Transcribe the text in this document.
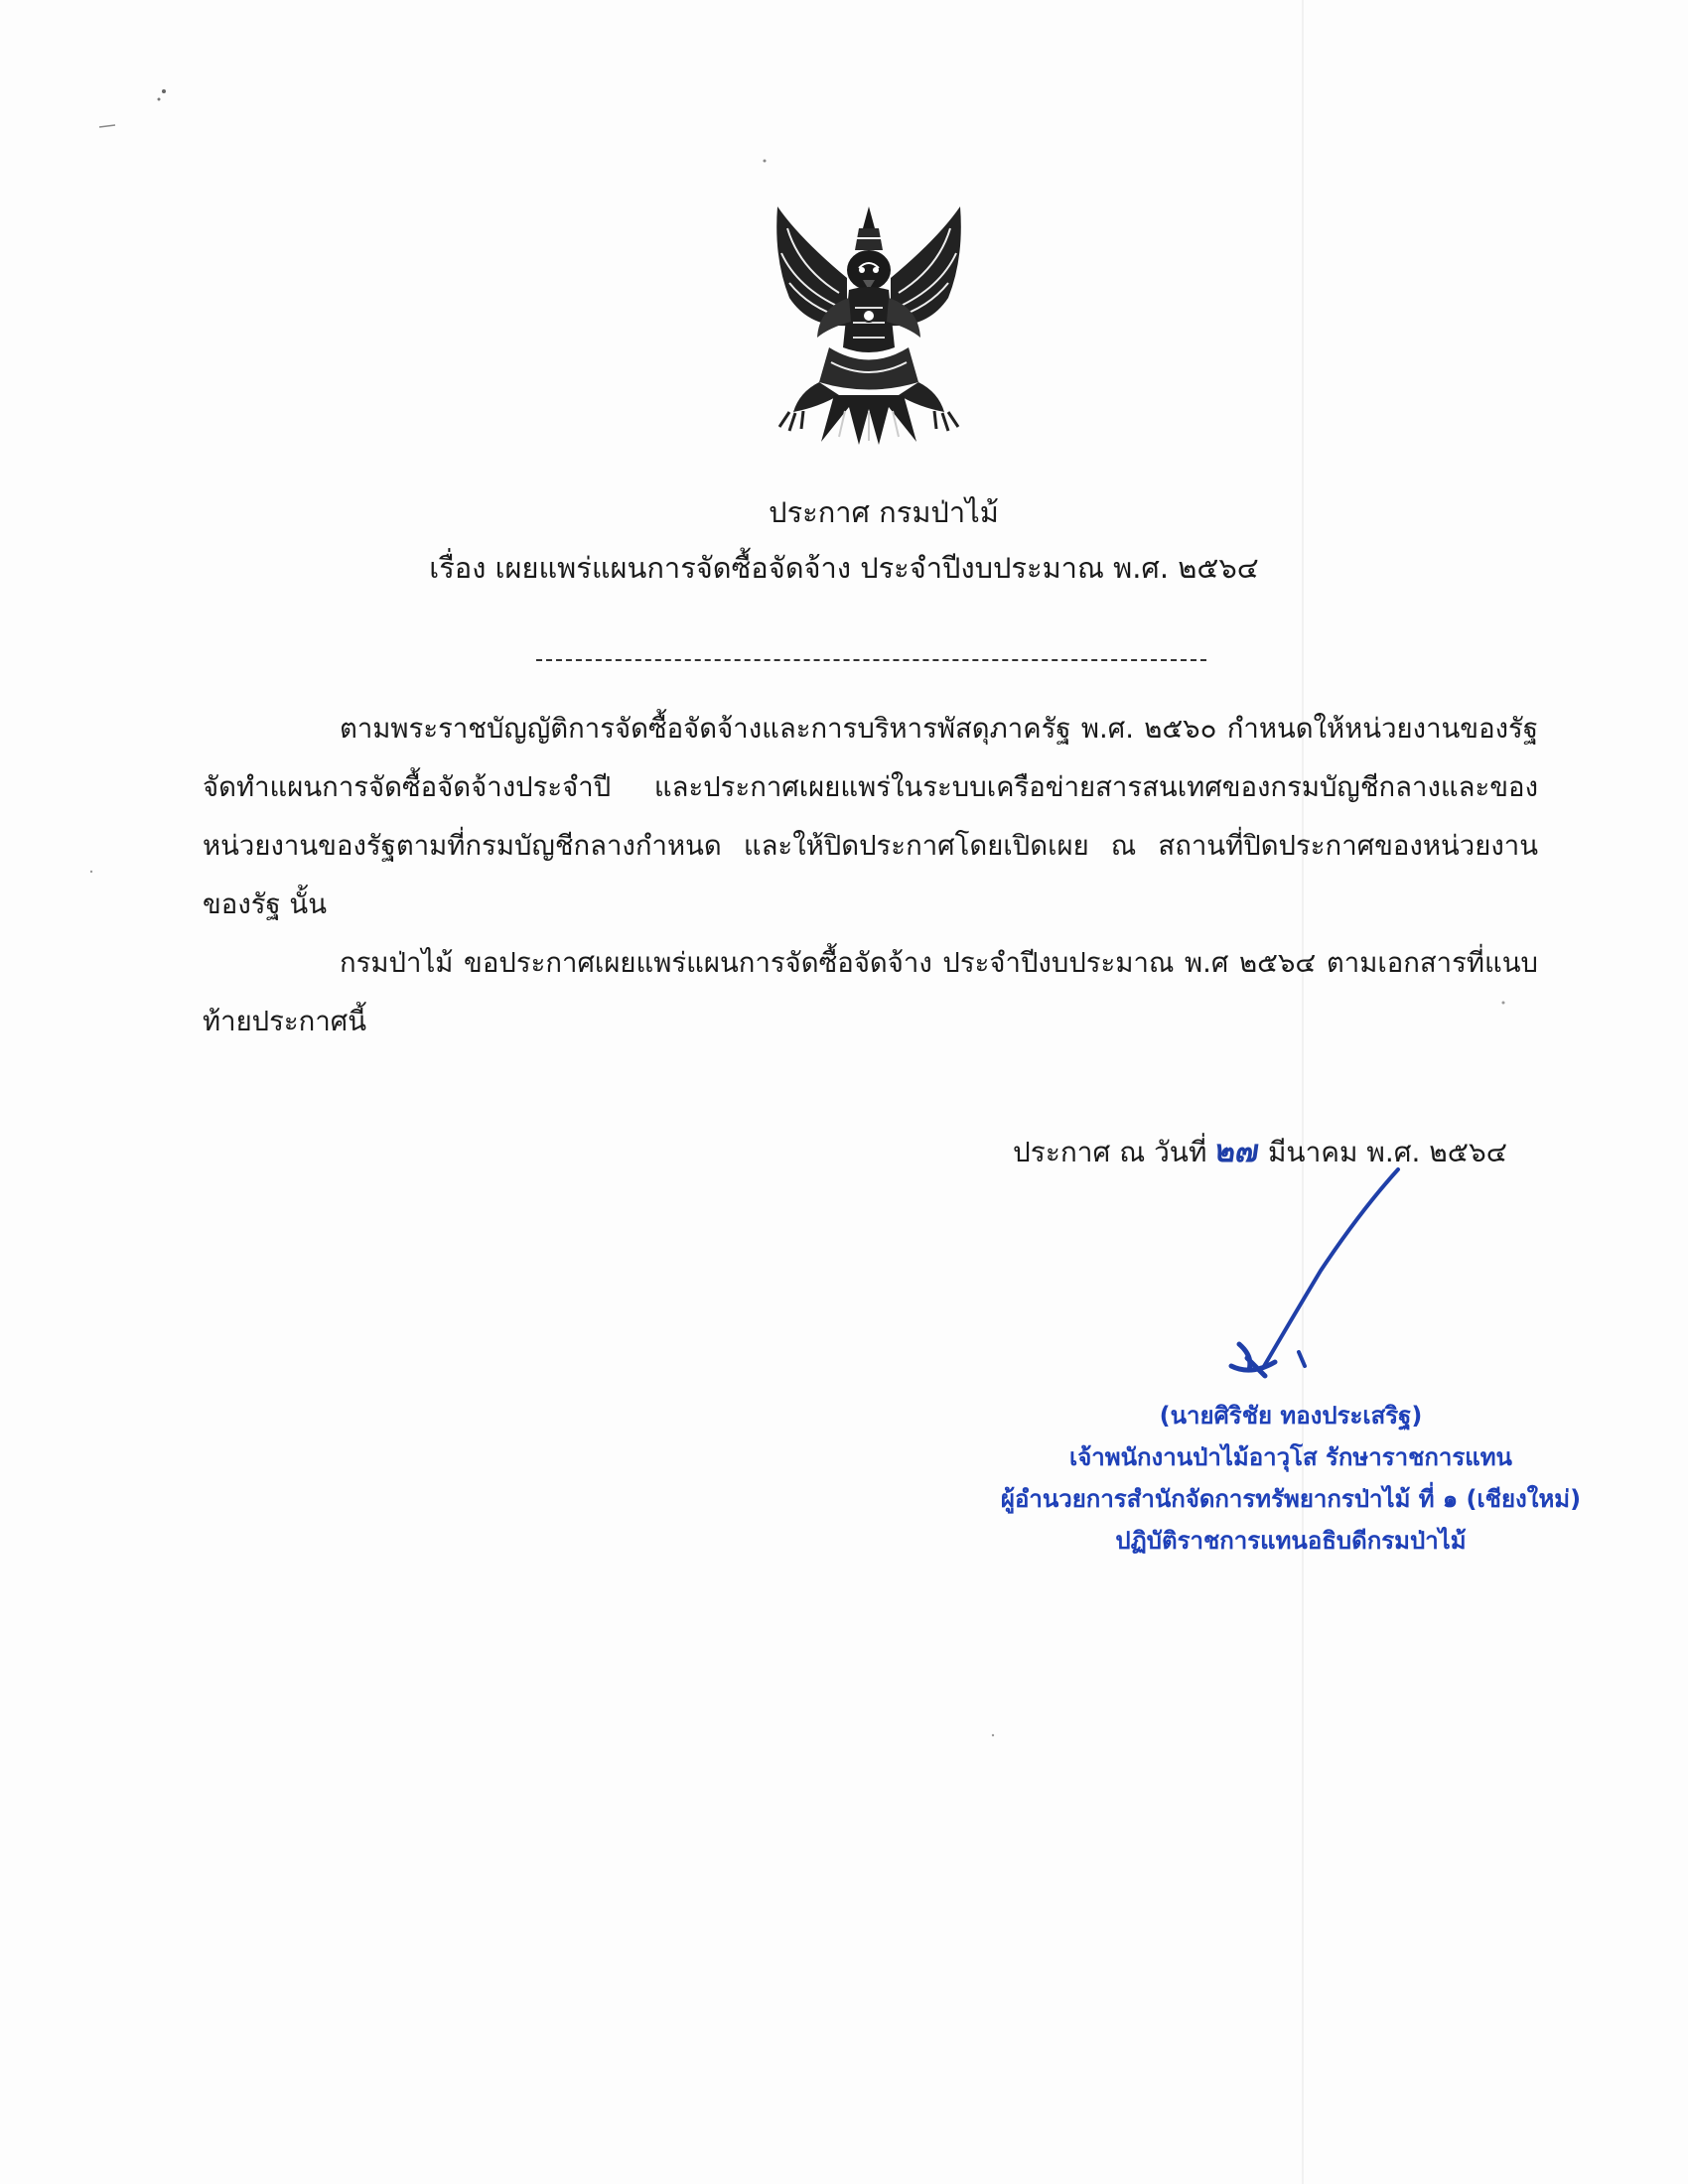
ประกาศ กรมป่าไม้
เรื่อง เผยแพร่แผนการจัดซื้อจัดจ้าง ประจำปีงบประมาณ พ.ศ. ๒๕๖๔

ตามพระราชบัญญัติการจัดซื้อจัดจ้างและการบริหารพัสดุภาครัฐ พ.ศ. ๒๕๖๐ กำหนดให้หน่วยงานของรัฐจัดทำแผนการจัดซื้อจัดจ้างประจำปี และประกาศเผยแพร่ในระบบเครือข่ายสารสนเทศของกรมบัญชีกลางและของหน่วยงานของรัฐตามที่กรมบัญชีกลางกำหนด และให้ปิดประกาศโดยเปิดเผย ณ สถานที่ปิดประกาศของหน่วยงานของรัฐ นั้น

กรมป่าไม้ ขอประกาศเผยแพร่แผนการจัดซื้อจัดจ้าง ประจำปีงบประมาณ พ.ศ ๒๕๖๔ ตามเอกสารที่แนบท้ายประกาศนี้

ประกาศ ณ วันที่ ๒๗ มีนาคม พ.ศ. ๒๕๖๔
(นายศิริชัย ทองประเสริฐ)
เจ้าพนักงานป่าไม้อาวุโส รักษาราชการแทน
ผู้อำนวยการสำนักจัดการทรัพยากรป่าไม้ ที่ ๑ (เชียงใหม่)
ปฏิบัติราชการแทนอธิบดีกรมป่าไม้
